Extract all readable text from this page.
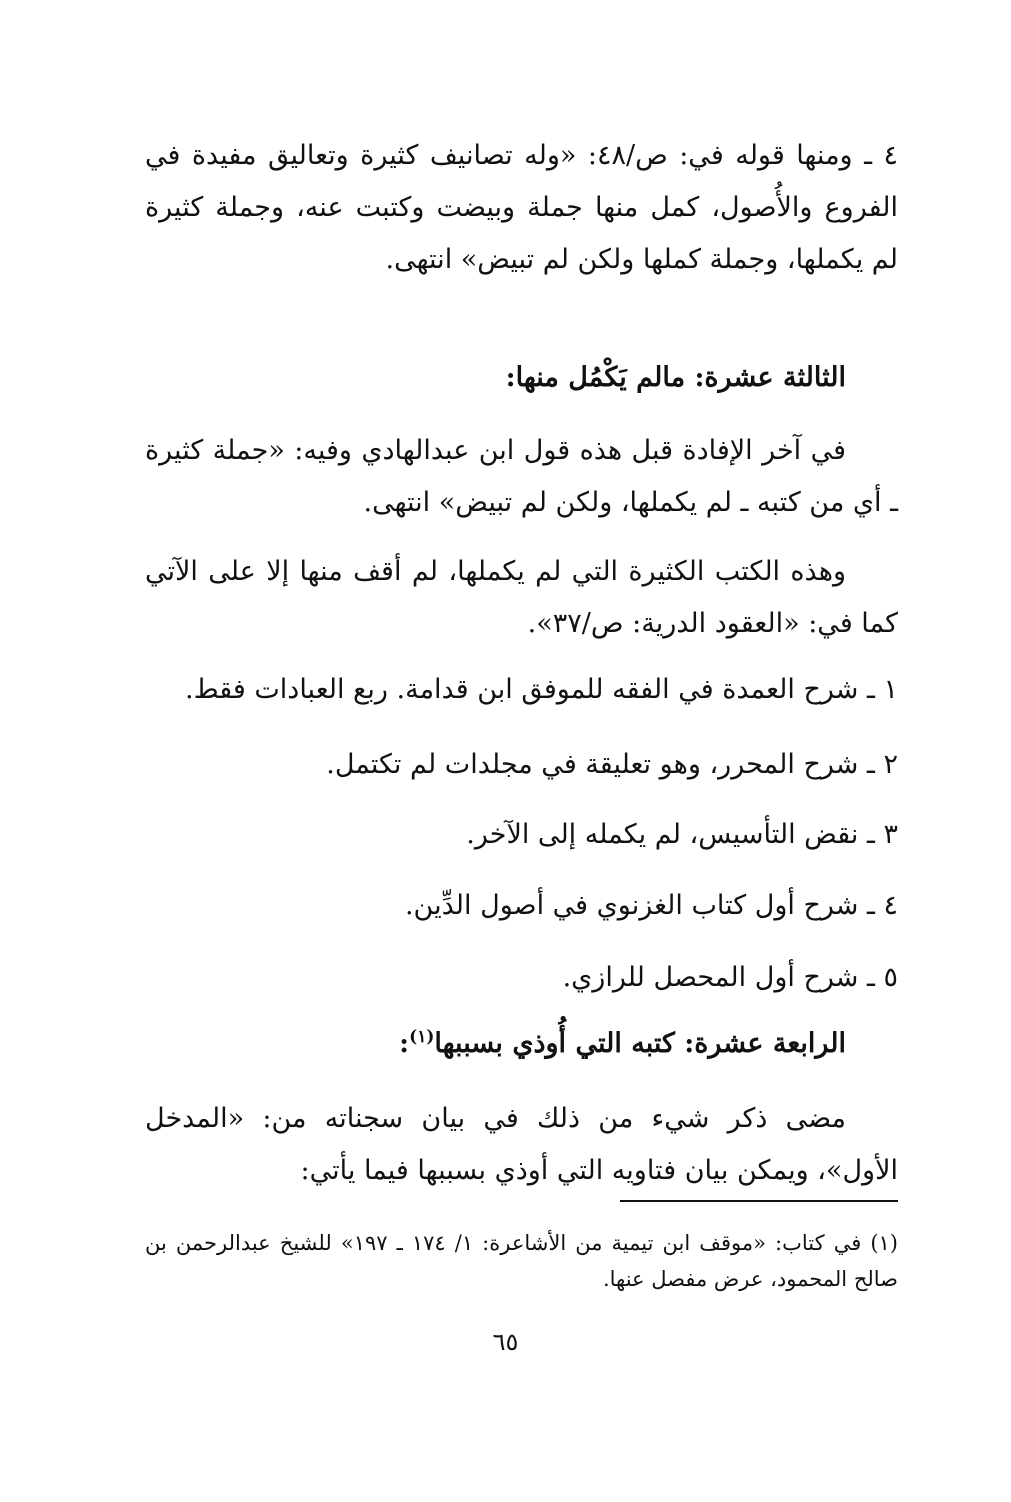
٤ ـ ومنها قوله في: ص/٤٨: «وله تصانيف كثيرة وتعاليق مفيدة في الفروع والأُصول، كمل منها جملة وبيضت وكتبت عنه، وجملة كثيرة لم يكملها، وجملة كملها ولكن لم تبيض» انتهى.

الثالثة عشرة: مالم يَكْمُل منها:

في آخر الإفادة قبل هذه قول ابن عبدالهادي وفيه: «جملة كثيرة ـ أي من كتبه ـ لم يكملها، ولكن لم تبيض» انتهى.

وهذه الكتب الكثيرة التي لم يكملها، لم أقف منها إلا على الآتي كما في: «العقود الدرية: ص/٣٧».

١ ـ شرح العمدة في الفقه للموفق ابن قدامة. ربع العبادات فقط.
٢ ـ شرح المحرر، وهو تعليقة في مجلدات لم تكتمل.
٣ ـ نقض التأسيس، لم يكمله إلى الآخر.
٤ ـ شرح أول كتاب الغزنوي في أصول الدِّين.
٥ ـ شرح أول المحصل للرازي.

الرابعة عشرة: كتبه التي أُوذي بسببها$^{(١)}$:

مضى ذكر شيء من ذلك في بيان سجناته من: «المدخل الأول»، ويمكن بيان فتاويه التي أوذي بسببها فيما يأتي:

(١) في كتاب: «موقف ابن تيمية من الأشاعرة: ١/ ١٧٤ ـ ١٩٧» للشيخ عبدالرحمن بن صالح المحمود، عرض مفصل عنها.

٦٥
